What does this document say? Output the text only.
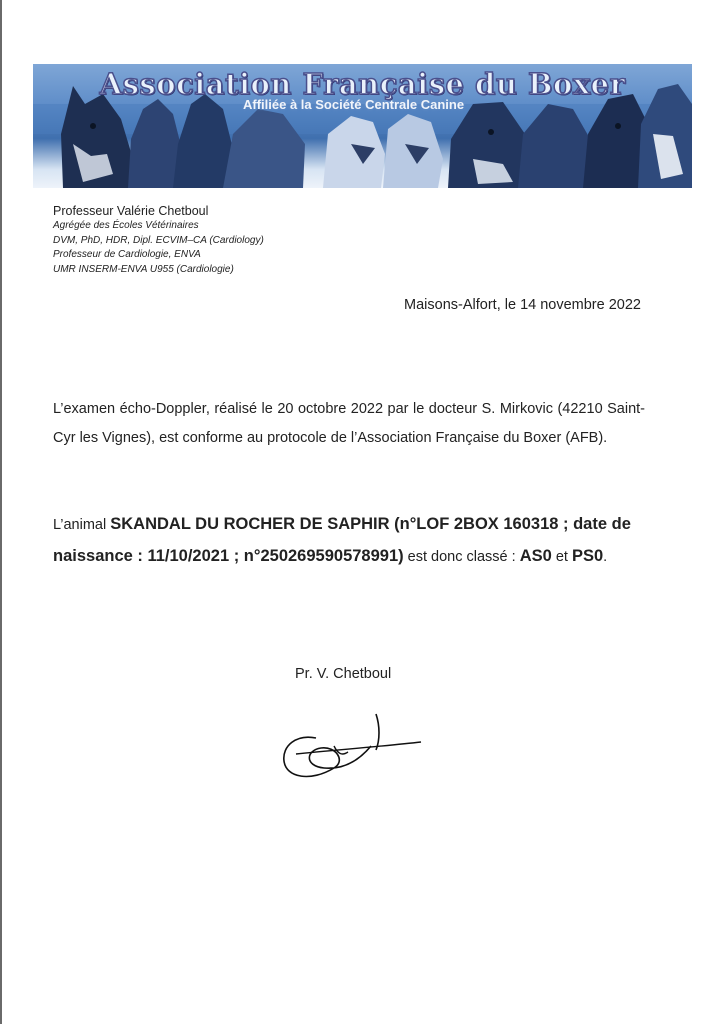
Association Française du Boxer
Affiliée à la Société Centrale Canine
Professeur Valérie Chetboul
Agrégée des Écoles Vétérinaires
DVM, PhD, HDR, Dipl. ECVIM–CA (Cardiology)
Professeur de Cardiologie, ENVA
UMR INSERM-ENVA U955 (Cardiologie)
Maisons-Alfort, le 14 novembre 2022
L’examen écho-Doppler, réalisé le 20 octobre 2022 par le docteur S. Mirkovic (42210 Saint-Cyr les Vignes), est conforme au protocole de l’Association Française du Boxer (AFB).
L’animal SKANDAL DU ROCHER DE SAPHIR (n°LOF 2BOX 160318 ; date de naissance : 11/10/2021 ; n°250269590578991) est donc classé : AS0 et PS0.
Pr. V. Chetboul
